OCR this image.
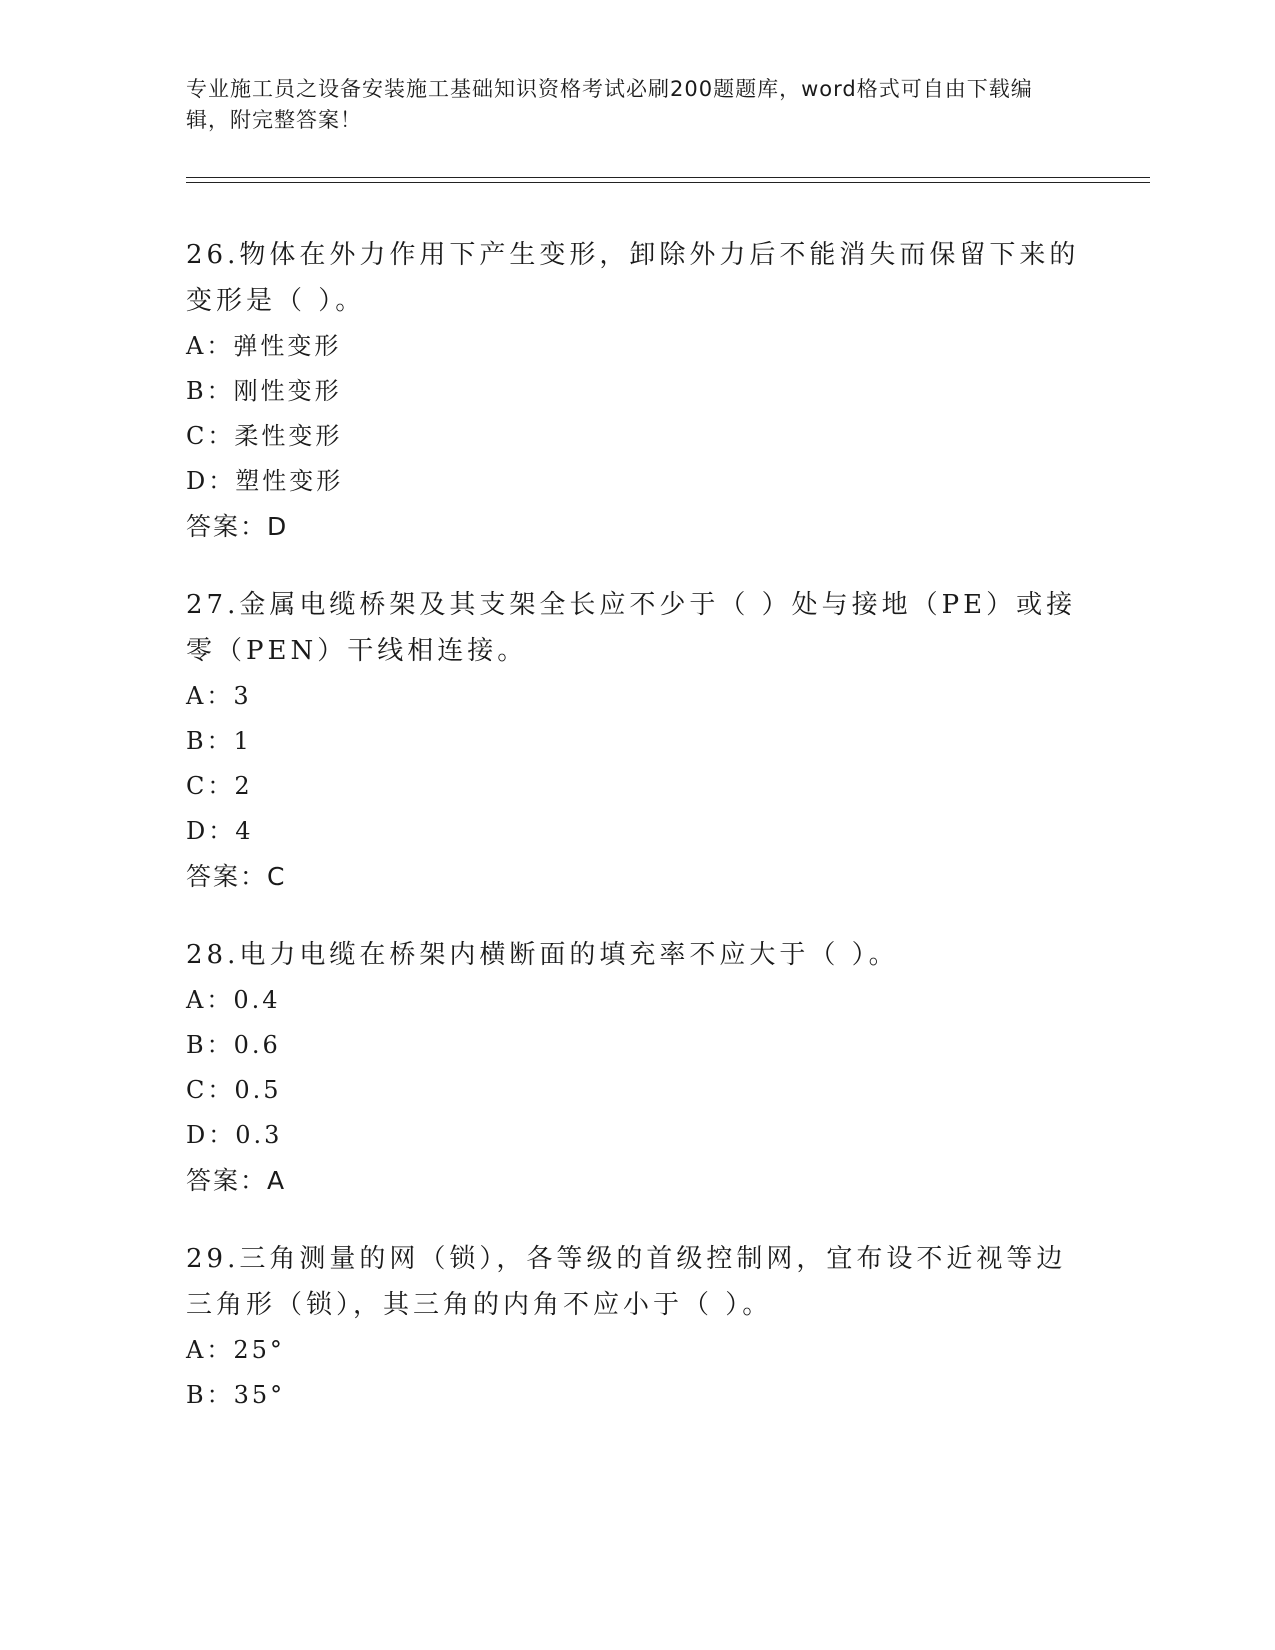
专业施工员之设备安装施工基础知识资格考试必刷200题题库，word格式可自由下载编辑，附完整答案！

26.物体在外力作用下产生变形，卸除外力后不能消失而保留下来的变形是（ ）。

A：弹性变形
B：刚性变形
C：柔性变形
D：塑性变形
答案：D

27.金属电缆桥架及其支架全长应不少于（ ）处与接地（PE）或接零（PEN）干线相连接。

A：3
B：1
C：2
D：4
答案：C

28.电力电缆在桥架内横断面的填充率不应大于（ ）。

A：0.4
B：0.6
C：0.5
D：0.3
答案：A

29.三角测量的网（锁），各等级的首级控制网，宜布设不近视等边三角形（锁），其三角的内角不应小于（ ）。

A：25°
B：35°
